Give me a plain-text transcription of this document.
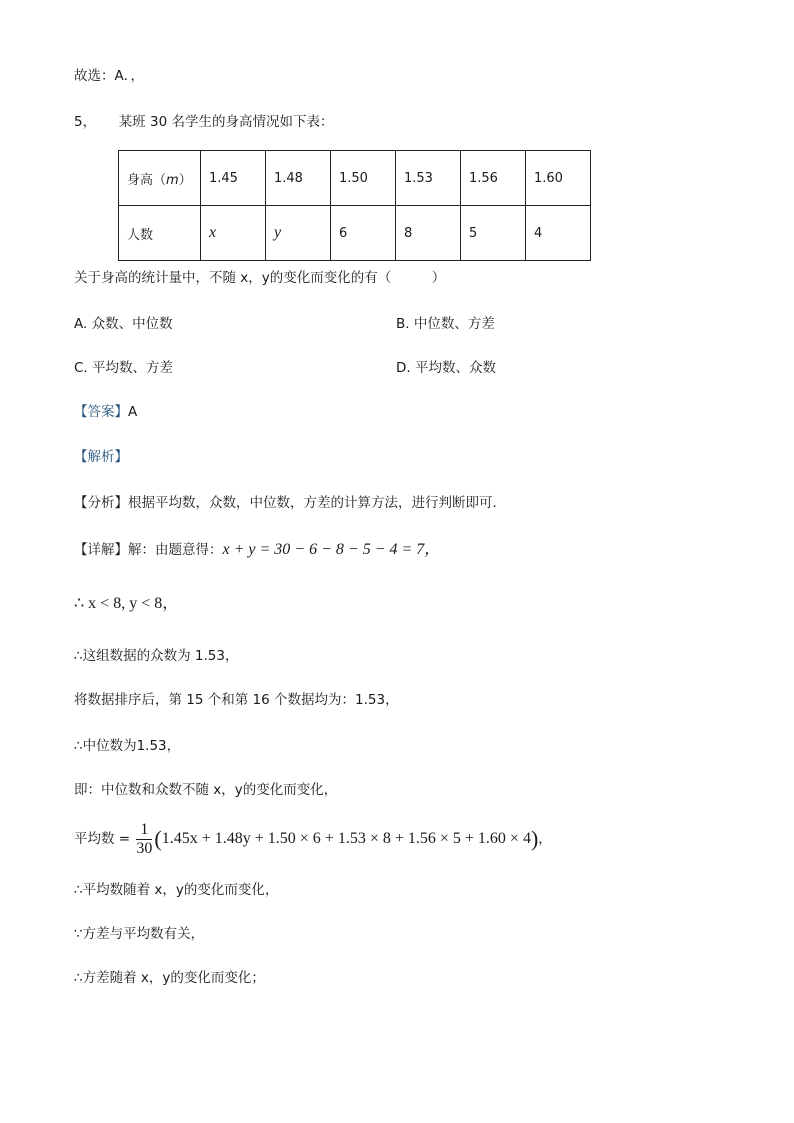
故选：A．，
5， 某班 30 名学生的身高情况如下表：
身高（m）	1.45	1.48	1.50	1.53	1.56	1.60
人数	x	y	6	8	5	4
关于身高的统计量中，不随 x，y的变化而变化的有（　　　）
A. 众数、中位数	B. 中位数、方差
C. 平均数、方差	D. 平均数、众数
【答案】A
【解析】
【分析】根据平均数，众数，中位数，方差的计算方法，进行判断即可．
【详解】解：由题意得：x + y = 30 − 6 − 8 − 5 − 4 = 7，
∴ x < 8, y < 8，
∴这组数据的众数为 1.53，
将数据排序后，第 15 个和第 16 个数据均为：1.53，
∴中位数为1.53，
即：中位数和众数不随 x，y的变化而变化，
平均数 = $\frac{1}{30} (1.45x + 1.48y + 1.50 \times 6 + 1.53 \times 8 + 1.56 \times 5 + 1.60 \times 4)$，
∴平均数随着 x，y的变化而变化，
∵方差与平均数有关，
∴方差随着 x，y的变化而变化；
